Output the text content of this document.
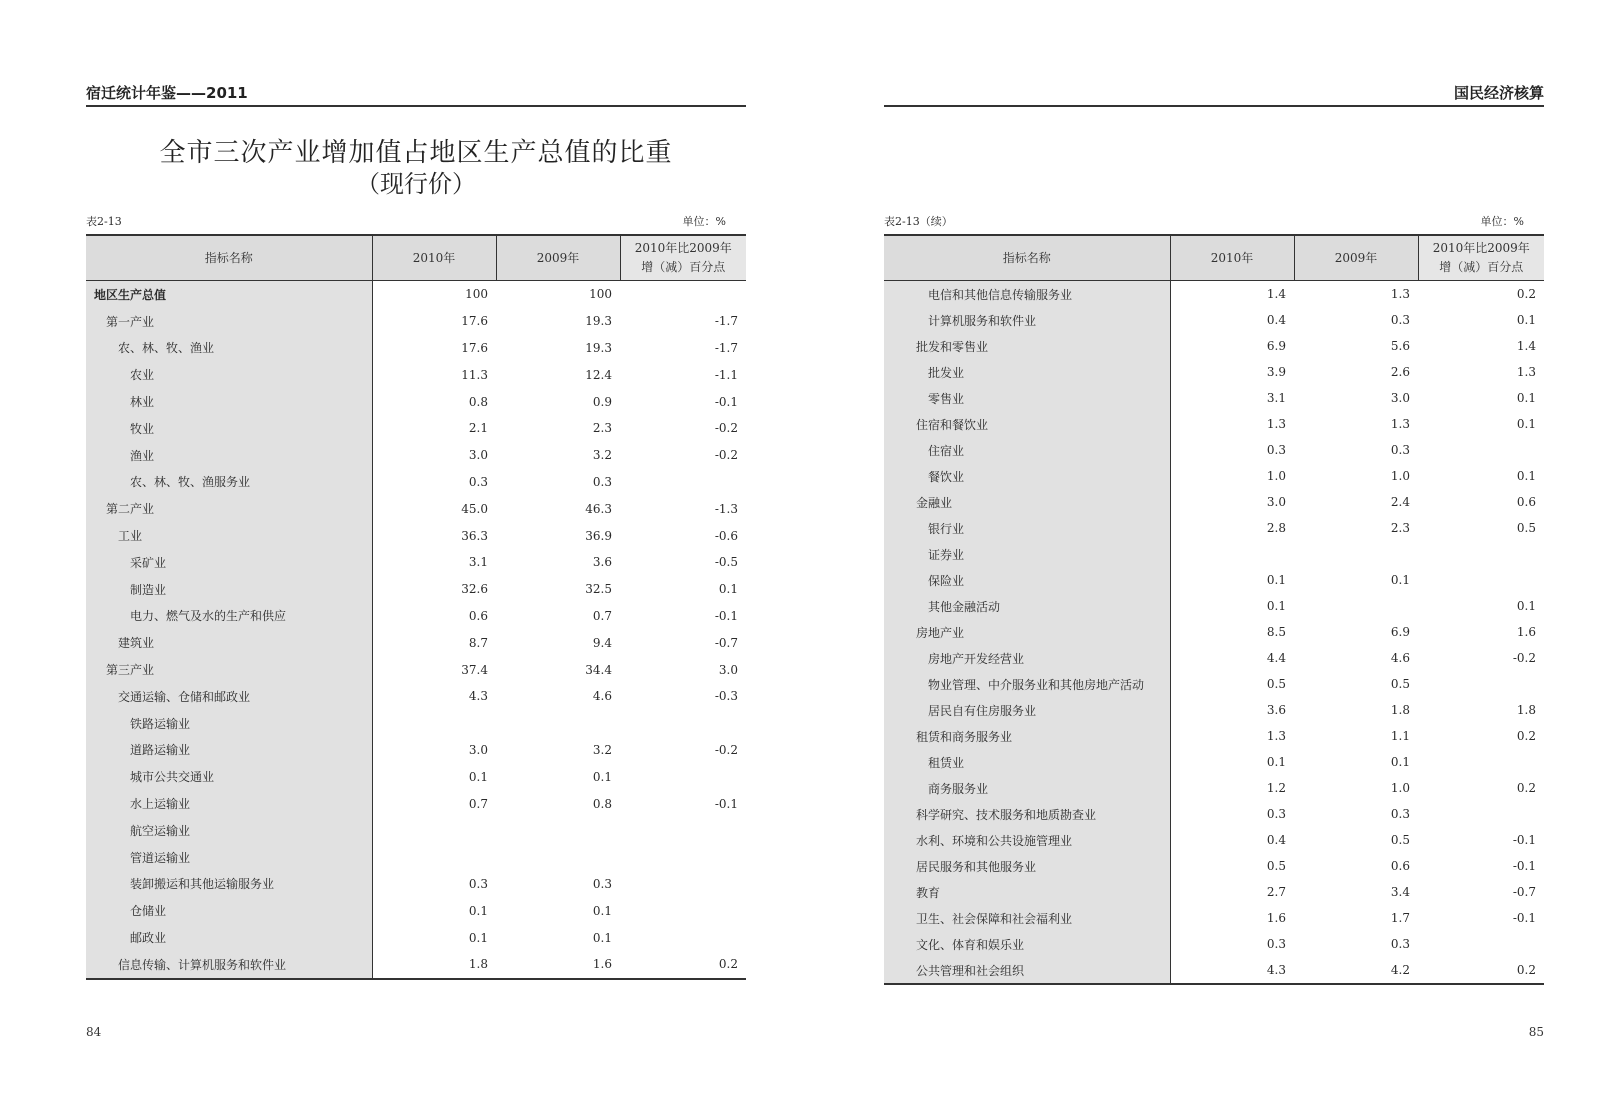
宿迁统计年鉴——2011
全市三次产业增加值占地区生产总值的比重
（现行价）
表2-13	单位：%
指标名称	2010年	2009年	2010年比2009年
增（减）百分点

地区生产总值	100	100	
第一产业	17.6	19.3	-1.7
农、林、牧、渔业	17.6	19.3	-1.7
农业	11.3	12.4	-1.1
林业	0.8	0.9	-0.1
牧业	2.1	2.3	-0.2
渔业	3.0	3.2	-0.2
农、林、牧、渔服务业	0.3	0.3	
第二产业	45.0	46.3	-1.3
工业	36.3	36.9	-0.6
采矿业	3.1	3.6	-0.5
制造业	32.6	32.5	0.1
电力、燃气及水的生产和供应	0.6	0.7	-0.1
建筑业	8.7	9.4	-0.7
第三产业	37.4	34.4	3.0
交通运输、仓储和邮政业	4.3	4.6	-0.3
铁路运输业			
道路运输业	3.0	3.2	-0.2
城市公共交通业	0.1	0.1	
水上运输业	0.7	0.8	-0.1
航空运输业			
管道运输业			
装卸搬运和其他运输服务业	0.3	0.3	
仓储业	0.1	0.1	
邮政业	0.1	0.1	
信息传输、计算机服务和软件业	1.8	1.6	0.2
84
国民经济核算
表2-13（续）	单位：%
指标名称	2010年	2009年	2010年比2009年
增（减）百分点

电信和其他信息传输服务业	1.4	1.3	0.2
计算机服务和软件业	0.4	0.3	0.1
批发和零售业	6.9	5.6	1.4
批发业	3.9	2.6	1.3
零售业	3.1	3.0	0.1
住宿和餐饮业	1.3	1.3	0.1
住宿业	0.3	0.3	
餐饮业	1.0	1.0	0.1
金融业	3.0	2.4	0.6
银行业	2.8	2.3	0.5
证券业			
保险业	0.1	0.1	
其他金融活动	0.1		0.1
房地产业	8.5	6.9	1.6
房地产开发经营业	4.4	4.6	-0.2
物业管理、中介服务业和其他房地产活动	0.5	0.5	
居民自有住房服务业	3.6	1.8	1.8
租赁和商务服务业	1.3	1.1	0.2
租赁业	0.1	0.1	
商务服务业	1.2	1.0	0.2
科学研究、技术服务和地质勘查业	0.3	0.3	
水利、环境和公共设施管理业	0.4	0.5	-0.1
居民服务和其他服务业	0.5	0.6	-0.1
教育	2.7	3.4	-0.7
卫生、社会保障和社会福利业	1.6	1.7	-0.1
文化、体育和娱乐业	0.3	0.3	
公共管理和社会组织	4.3	4.2	0.2
85
